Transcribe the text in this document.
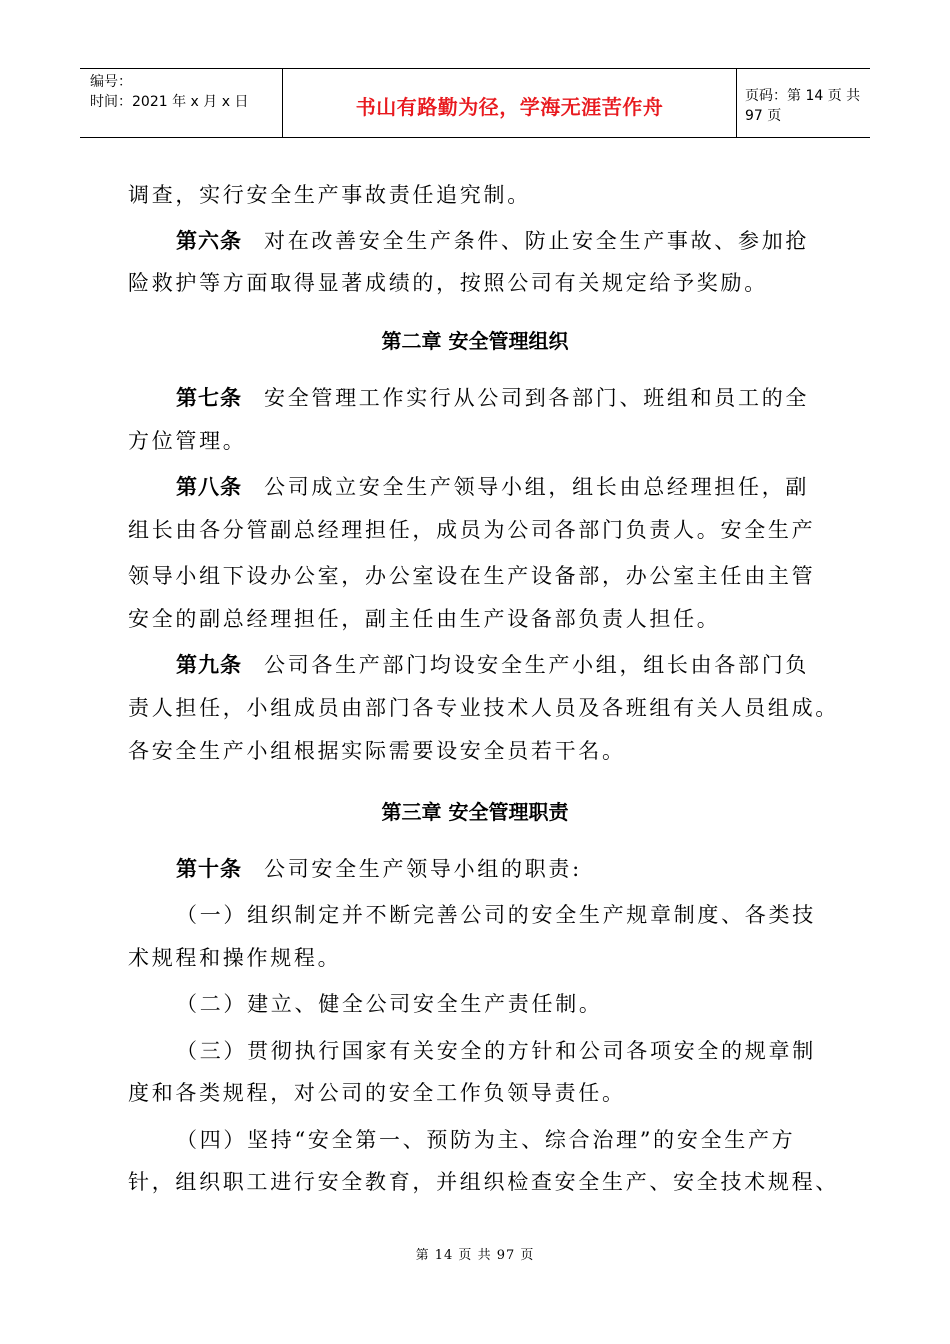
编号：
时间：2021 年 x 月 x 日	书山有路勤为径，学海无涯苦作舟	页码：第 14 页 共 97 页
调查，实行安全生产事故责任追究制。
第六条 对在改善安全生产条件、防止安全生产事故、参加抢
险救护等方面取得显著成绩的，按照公司有关规定给予奖励。
第二章 安全管理组织
第七条 安全管理工作实行从公司到各部门、班组和员工的全
方位管理。
第八条 公司成立安全生产领导小组，组长由总经理担任，副
组长由各分管副总经理担任，成员为公司各部门负责人。安全生产
领导小组下设办公室，办公室设在生产设备部，办公室主任由主管
安全的副总经理担任，副主任由生产设备部负责人担任。
第九条 公司各生产部门均设安全生产小组，组长由各部门负
责人担任，小组成员由部门各专业技术人员及各班组有关人员组成。
各安全生产小组根据实际需要设安全员若干名。
第三章 安全管理职责
第十条 公司安全生产领导小组的职责:
（一）组织制定并不断完善公司的安全生产规章制度、各类技
术规程和操作规程。
（二）建立、健全公司安全生产责任制。
（三）贯彻执行国家有关安全的方针和公司各项安全的规章制
度和各类规程，对公司的安全工作负领导责任。
（四）坚持“安全第一、预防为主、综合治理”的安全生产方
针，组织职工进行安全教育，并组织检查安全生产、安全技术规程、
第 14 页 共 97 页
